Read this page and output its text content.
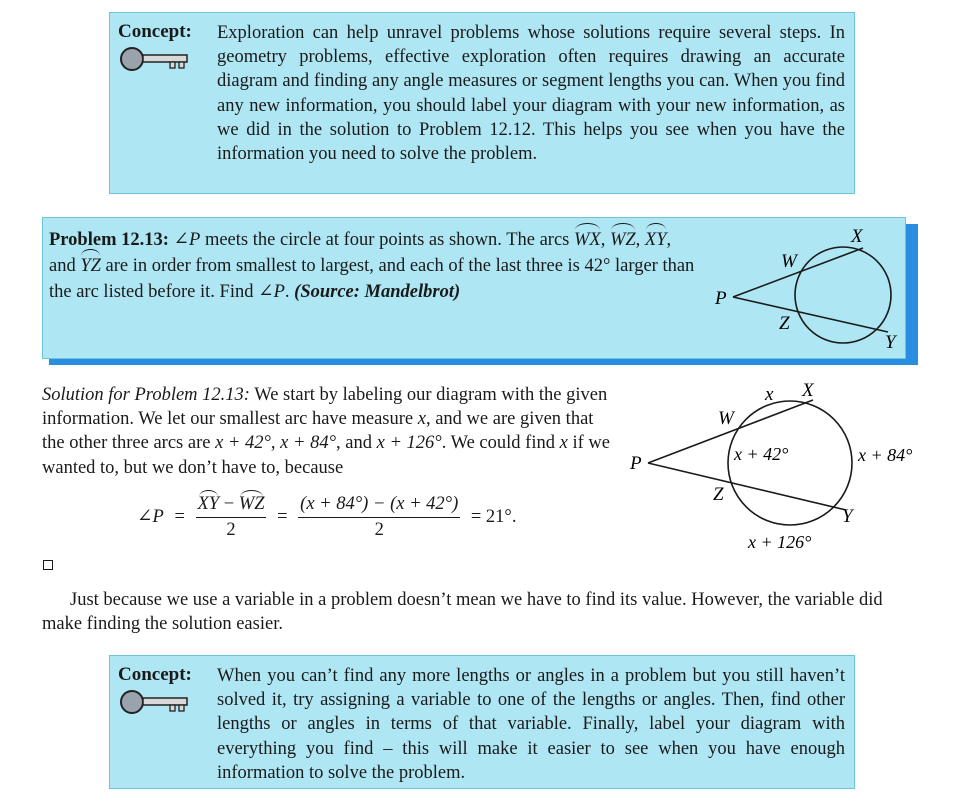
Concept: Exploration can help unravel problems whose solutions require several steps. In geometry problems, effective exploration often requires drawing an accurate diagram and finding any angle measures or segment lengths you can. When you find any new information, you should label your diagram with your new information, as we did in the solution to Problem 12.12. This helps you see when you have the information you need to solve the problem.
Problem 12.13: ∠P meets the circle at four points as shown. The arcs WX, WZ, XY, and YZ are in order from smallest to largest, and each of the last three is 42° larger than the arc listed before it. Find ∠P. (Source: Mandelbrot)
X
W
P
Z
Y
Solution for Problem 12.13: We start by labeling our diagram with the given information. We let our smallest arc have measure x, and we are given that the other three arcs are x + 42°, x + 84°, and x + 126°. We could find x if we wanted to, but we don’t have to, because
∠P = $\frac{XY - WZ}{2} = \frac{(x + 84^\circ) - (x + 42^\circ)}{2} = 21^\circ$.
x X
W
P
Z
Y
x + 42°	x + 84°
x + 126°
Just because we use a variable in a problem doesn’t mean we have to find its value. However, the variable did make finding the solution easier.
Concept: When you can’t find any more lengths or angles in a problem but you still haven’t solved it, try assigning a variable to one of the lengths or angles. Then, find other lengths or angles in terms of that variable. Finally, label your diagram with everything you find – this will make it easier to see when you have enough information to solve the problem.
